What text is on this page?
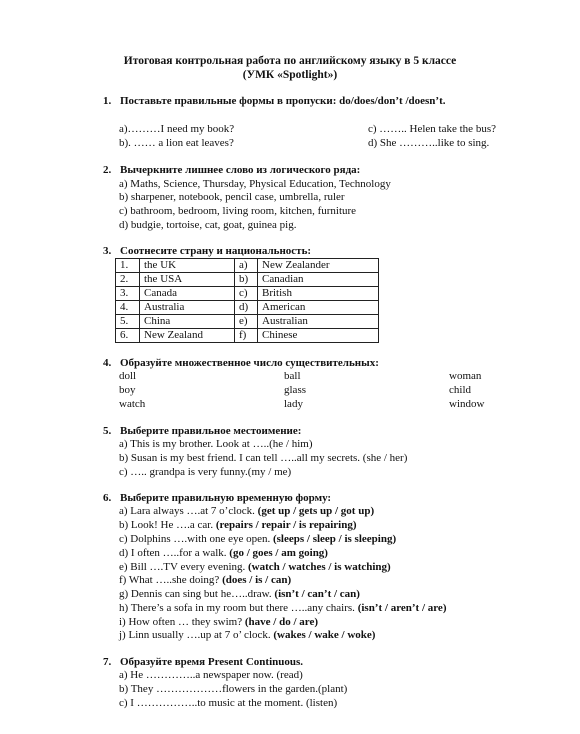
Итоговая контрольная работа по английскому языку в 5 классе
(УМК «Spotlight»)
1. Поставьте правильные формы в пропуски: do/does/don’t /doesn’t.
a)………I need my book?
b). …… a lion eat leaves?
c) …….. Helen take the bus?
d) She ………..like to sing.
2. Вычеркните лишнее слово из логического ряда:
a) Maths, Science, Thursday, Physical Education, Technology
b) sharpener, notebook, pencil case, umbrella, ruler
c) bathroom, bedroom, living room, kitchen, furniture
d) budgie, tortoise, cat, goat, guinea pig.
3. Соотнесите страну и национальность:
1.	the UK	a)	New Zealander
2.	the USA	b)	Canadian
3.	Canada	c)	British
4.	Australia	d)	American
5.	China	e)	Australian
6.	New Zealand	f)	Chinese
4. Образуйте множественное число существительных:
doll	ball	woman
boy	glass	child
watch	lady	window
5. Выберите правильное местоимение:
a) This is my brother. Look at …..(he / him)
b) Susan is my best friend. I can tell …..all my secrets. (she / her)
c) ….. grandpa is very funny.(my / me)
6. Выберите правильную временную форму:
a) Lara always ….at 7 o’clock. (get up / gets up / got up)
b) Look! He ….a car. (repairs / repair / is repairing)
c) Dolphins ….with one eye open. (sleeps / sleep / is sleeping)
d) I often …..for a walk. (go / goes / am going)
e) Bill ….TV every evening. (watch / watches / is watching)
f) What …..she doing? (does / is / can)
g) Dennis can sing but he…..draw. (isn’t / can’t / can)
h) There’s a sofa in my room but there …..any chairs. (isn’t / aren’t / are)
i) How often … they swim? (have / do / are)
j) Linn usually ….up at 7 o’ clock. (wakes / wake / woke)
7. Образуйте время Present Continuous.
a) He …………..a newspaper now. (read)
b) They ………………flowers in the garden.(plant)
c) I ……………..to music at the moment. (listen)
